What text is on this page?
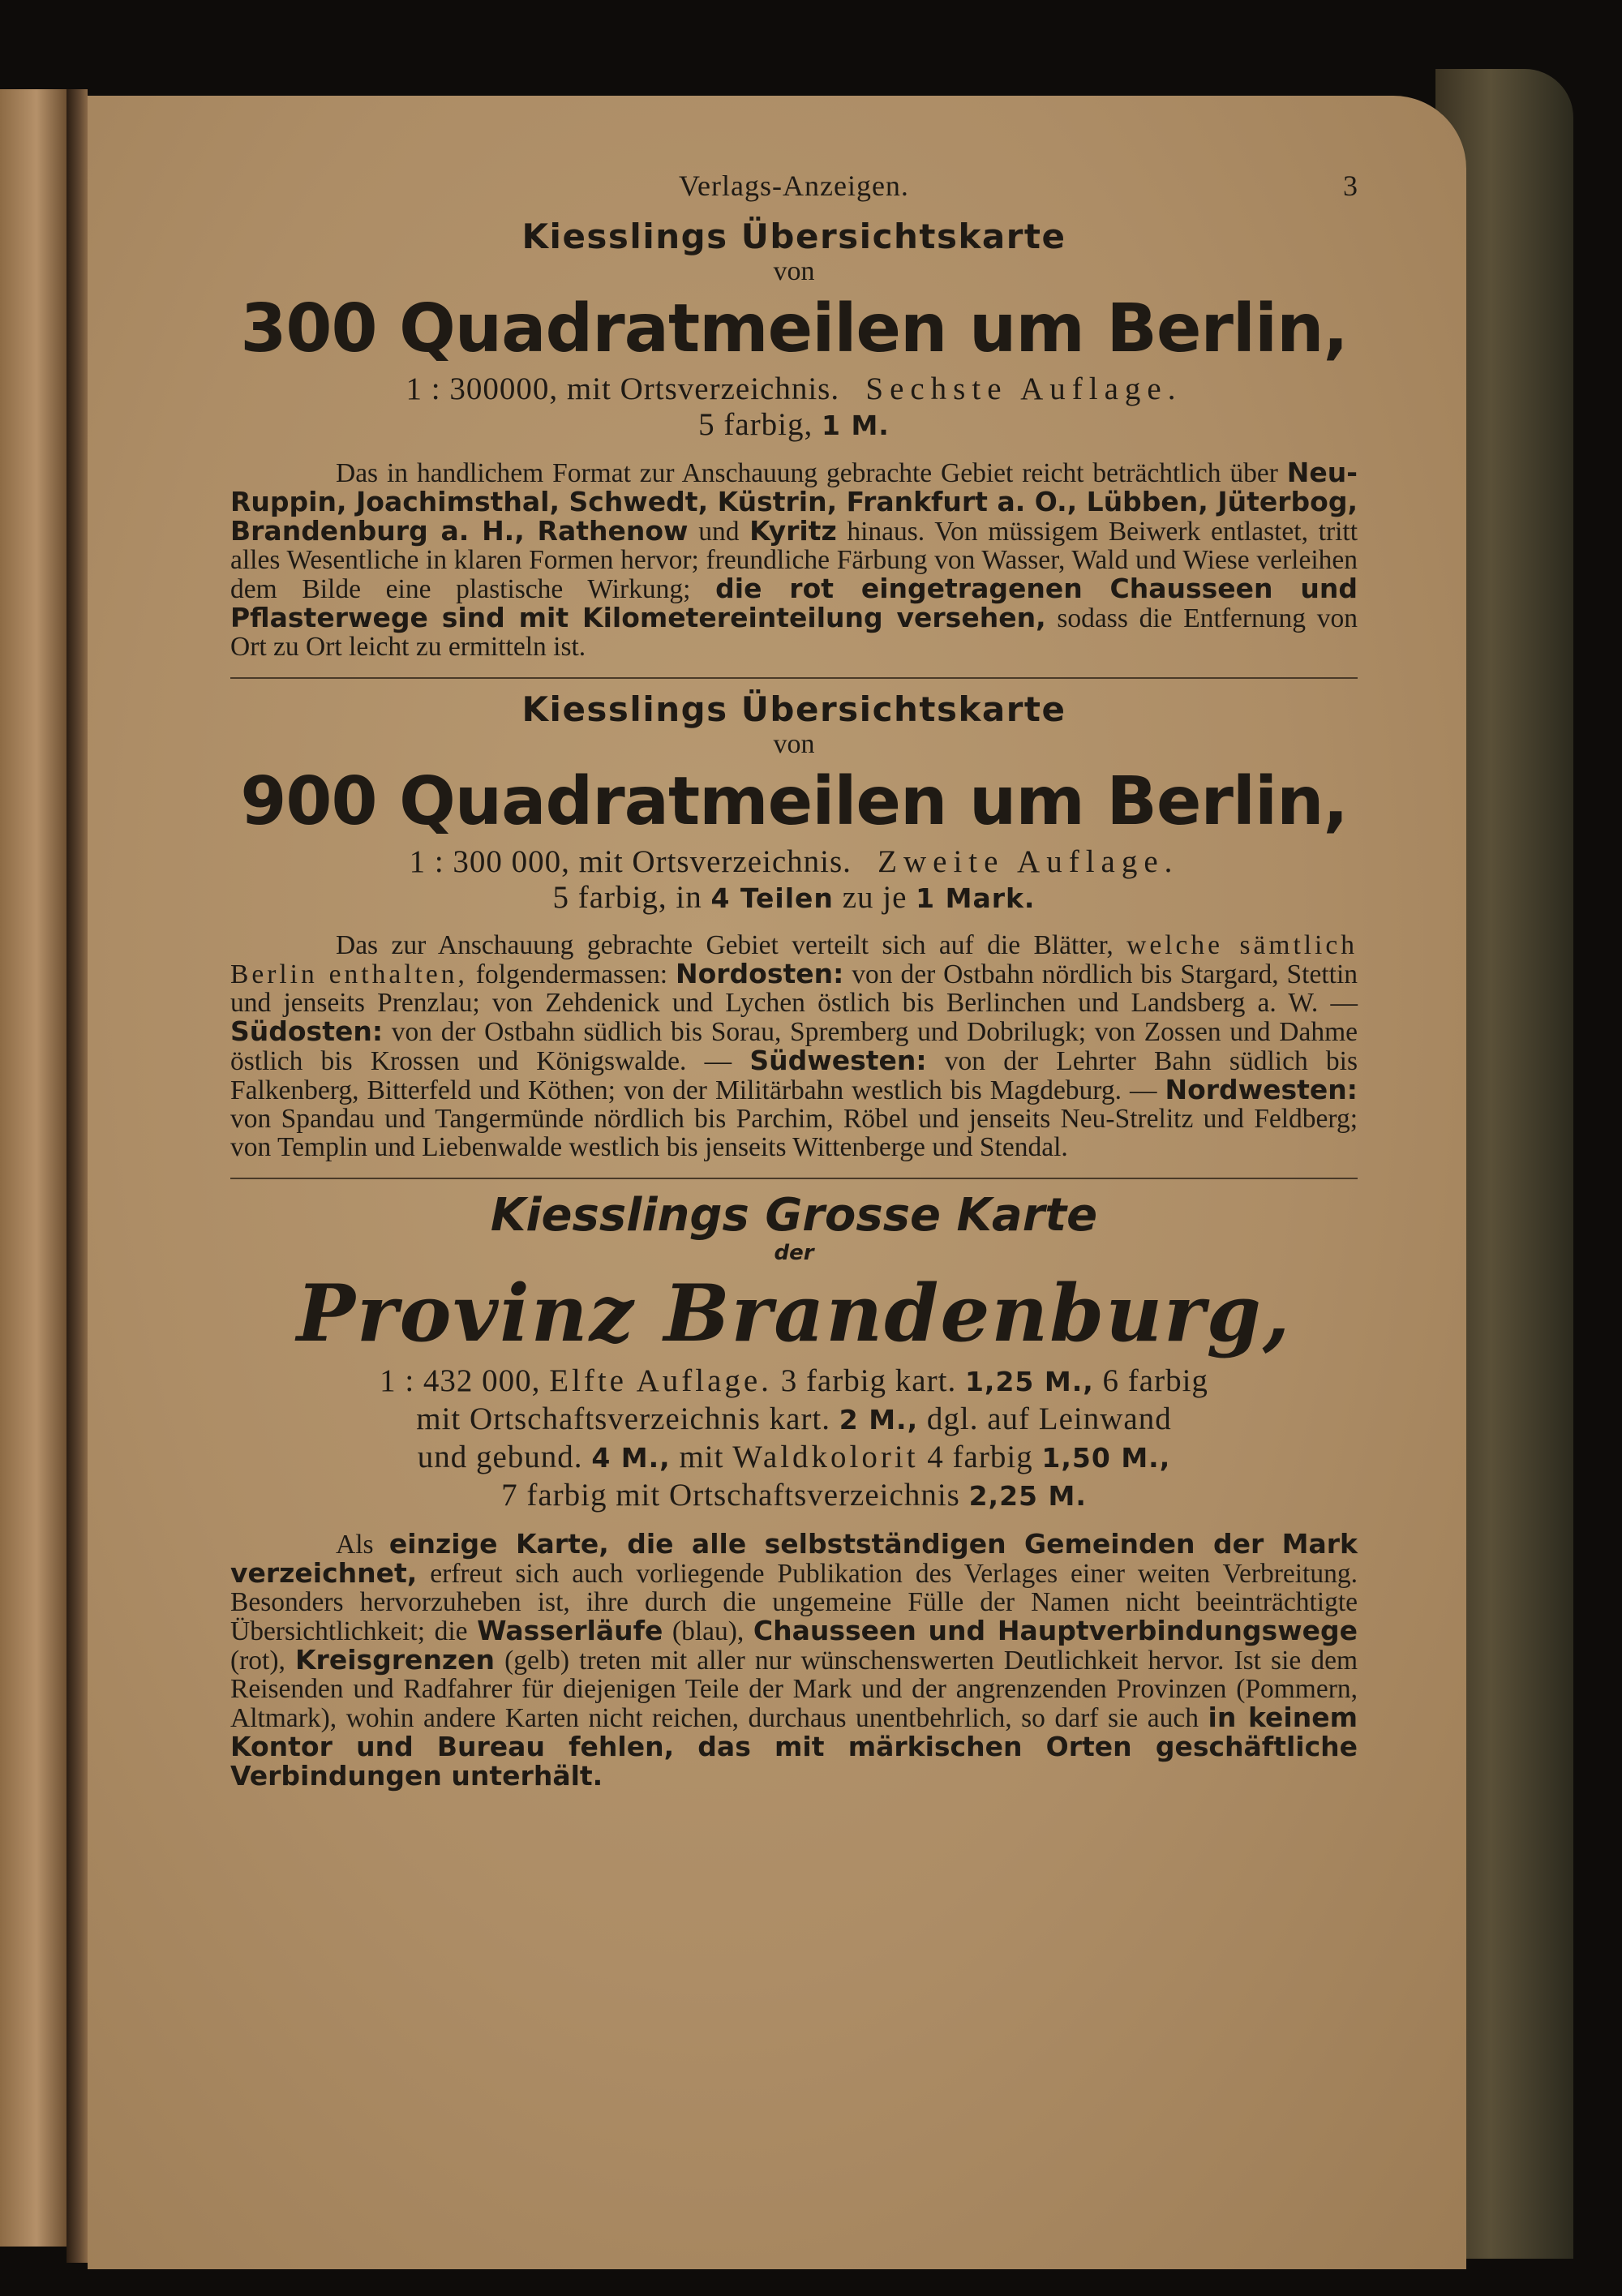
Verlags-Anzeigen.	3
Kiesslings Übersichtskarte
von
300 Quadratmeilen um Berlin,
1 : 300000, mit Ortsverzeichnis. Sechste Auflage.
5 farbig, 1 M.

Das in handlichem Format zur Anschauung gebrachte Gebiet reicht beträchtlich über Neu-Ruppin, Joachimsthal, Schwedt, Küstrin, Frankfurt a. O., Lübben, Jüterbog, Brandenburg a. H., Rathenow und Kyritz hinaus. Von müssigem Beiwerk entlastet, tritt alles Wesentliche in klaren Formen hervor; freundliche Färbung von Wasser, Wald und Wiese verleihen dem Bilde eine plastische Wirkung; die rot eingetragenen Chausseen und Pflasterwege sind mit Kilometereinteilung versehen, sodass die Entfernung von Ort zu Ort leicht zu ermitteln ist.

Kiesslings Übersichtskarte
von
900 Quadratmeilen um Berlin,
1 : 300 000, mit Ortsverzeichnis. Zweite Auflage.
5 farbig, in 4 Teilen zu je 1 Mark.

Das zur Anschauung gebrachte Gebiet verteilt sich auf die Blätter, welche sämtlich Berlin enthalten, folgendermassen: Nordosten: von der Ostbahn nördlich bis Stargard, Stettin und jenseits Prenzlau; von Zehdenick und Lychen östlich bis Berlinchen und Landsberg a. W. — Südosten: von der Ostbahn südlich bis Sorau, Spremberg und Dobrilugk; von Zossen und Dahme östlich bis Krossen und Königswalde. — Südwesten: von der Lehrter Bahn südlich bis Falkenberg, Bitterfeld und Köthen; von der Militärbahn westlich bis Magdeburg. — Nordwesten: von Spandau und Tangermünde nördlich bis Parchim, Röbel und jenseits Neu-Strelitz und Feldberg; von Templin und Liebenwalde westlich bis jenseits Wittenberge und Stendal.

Kiesslings Grosse Karte
der
Provinz Brandenburg,
1 : 432 000, Elfte Auflage. 3 farbig kart. 1,25 M., 6 farbig
mit Ortschaftsverzeichnis kart. 2 M., dgl. auf Leinwand
und gebund. 4 M., mit Waldkolorit 4 farbig 1,50 M.,
7 farbig mit Ortschaftsverzeichnis 2,25 M.

Als einzige Karte, die alle selbstständigen Gemeinden der Mark verzeichnet, erfreut sich auch vorliegende Publikation des Verlages einer weiten Verbreitung. Besonders hervorzuheben ist, ihre durch die ungemeine Fülle der Namen nicht beeinträchtigte Übersichtlichkeit; die Wasserläufe (blau), Chausseen und Hauptverbindungswege (rot), Kreisgrenzen (gelb) treten mit aller nur wünschenswerten Deutlichkeit hervor. Ist sie dem Reisenden und Radfahrer für diejenigen Teile der Mark und der angrenzenden Provinzen (Pommern, Altmark), wohin andere Karten nicht reichen, durchaus unentbehrlich, so darf sie auch in keinem Kontor und Bureau fehlen, das mit märkischen Orten geschäftliche Verbindungen unterhält.
